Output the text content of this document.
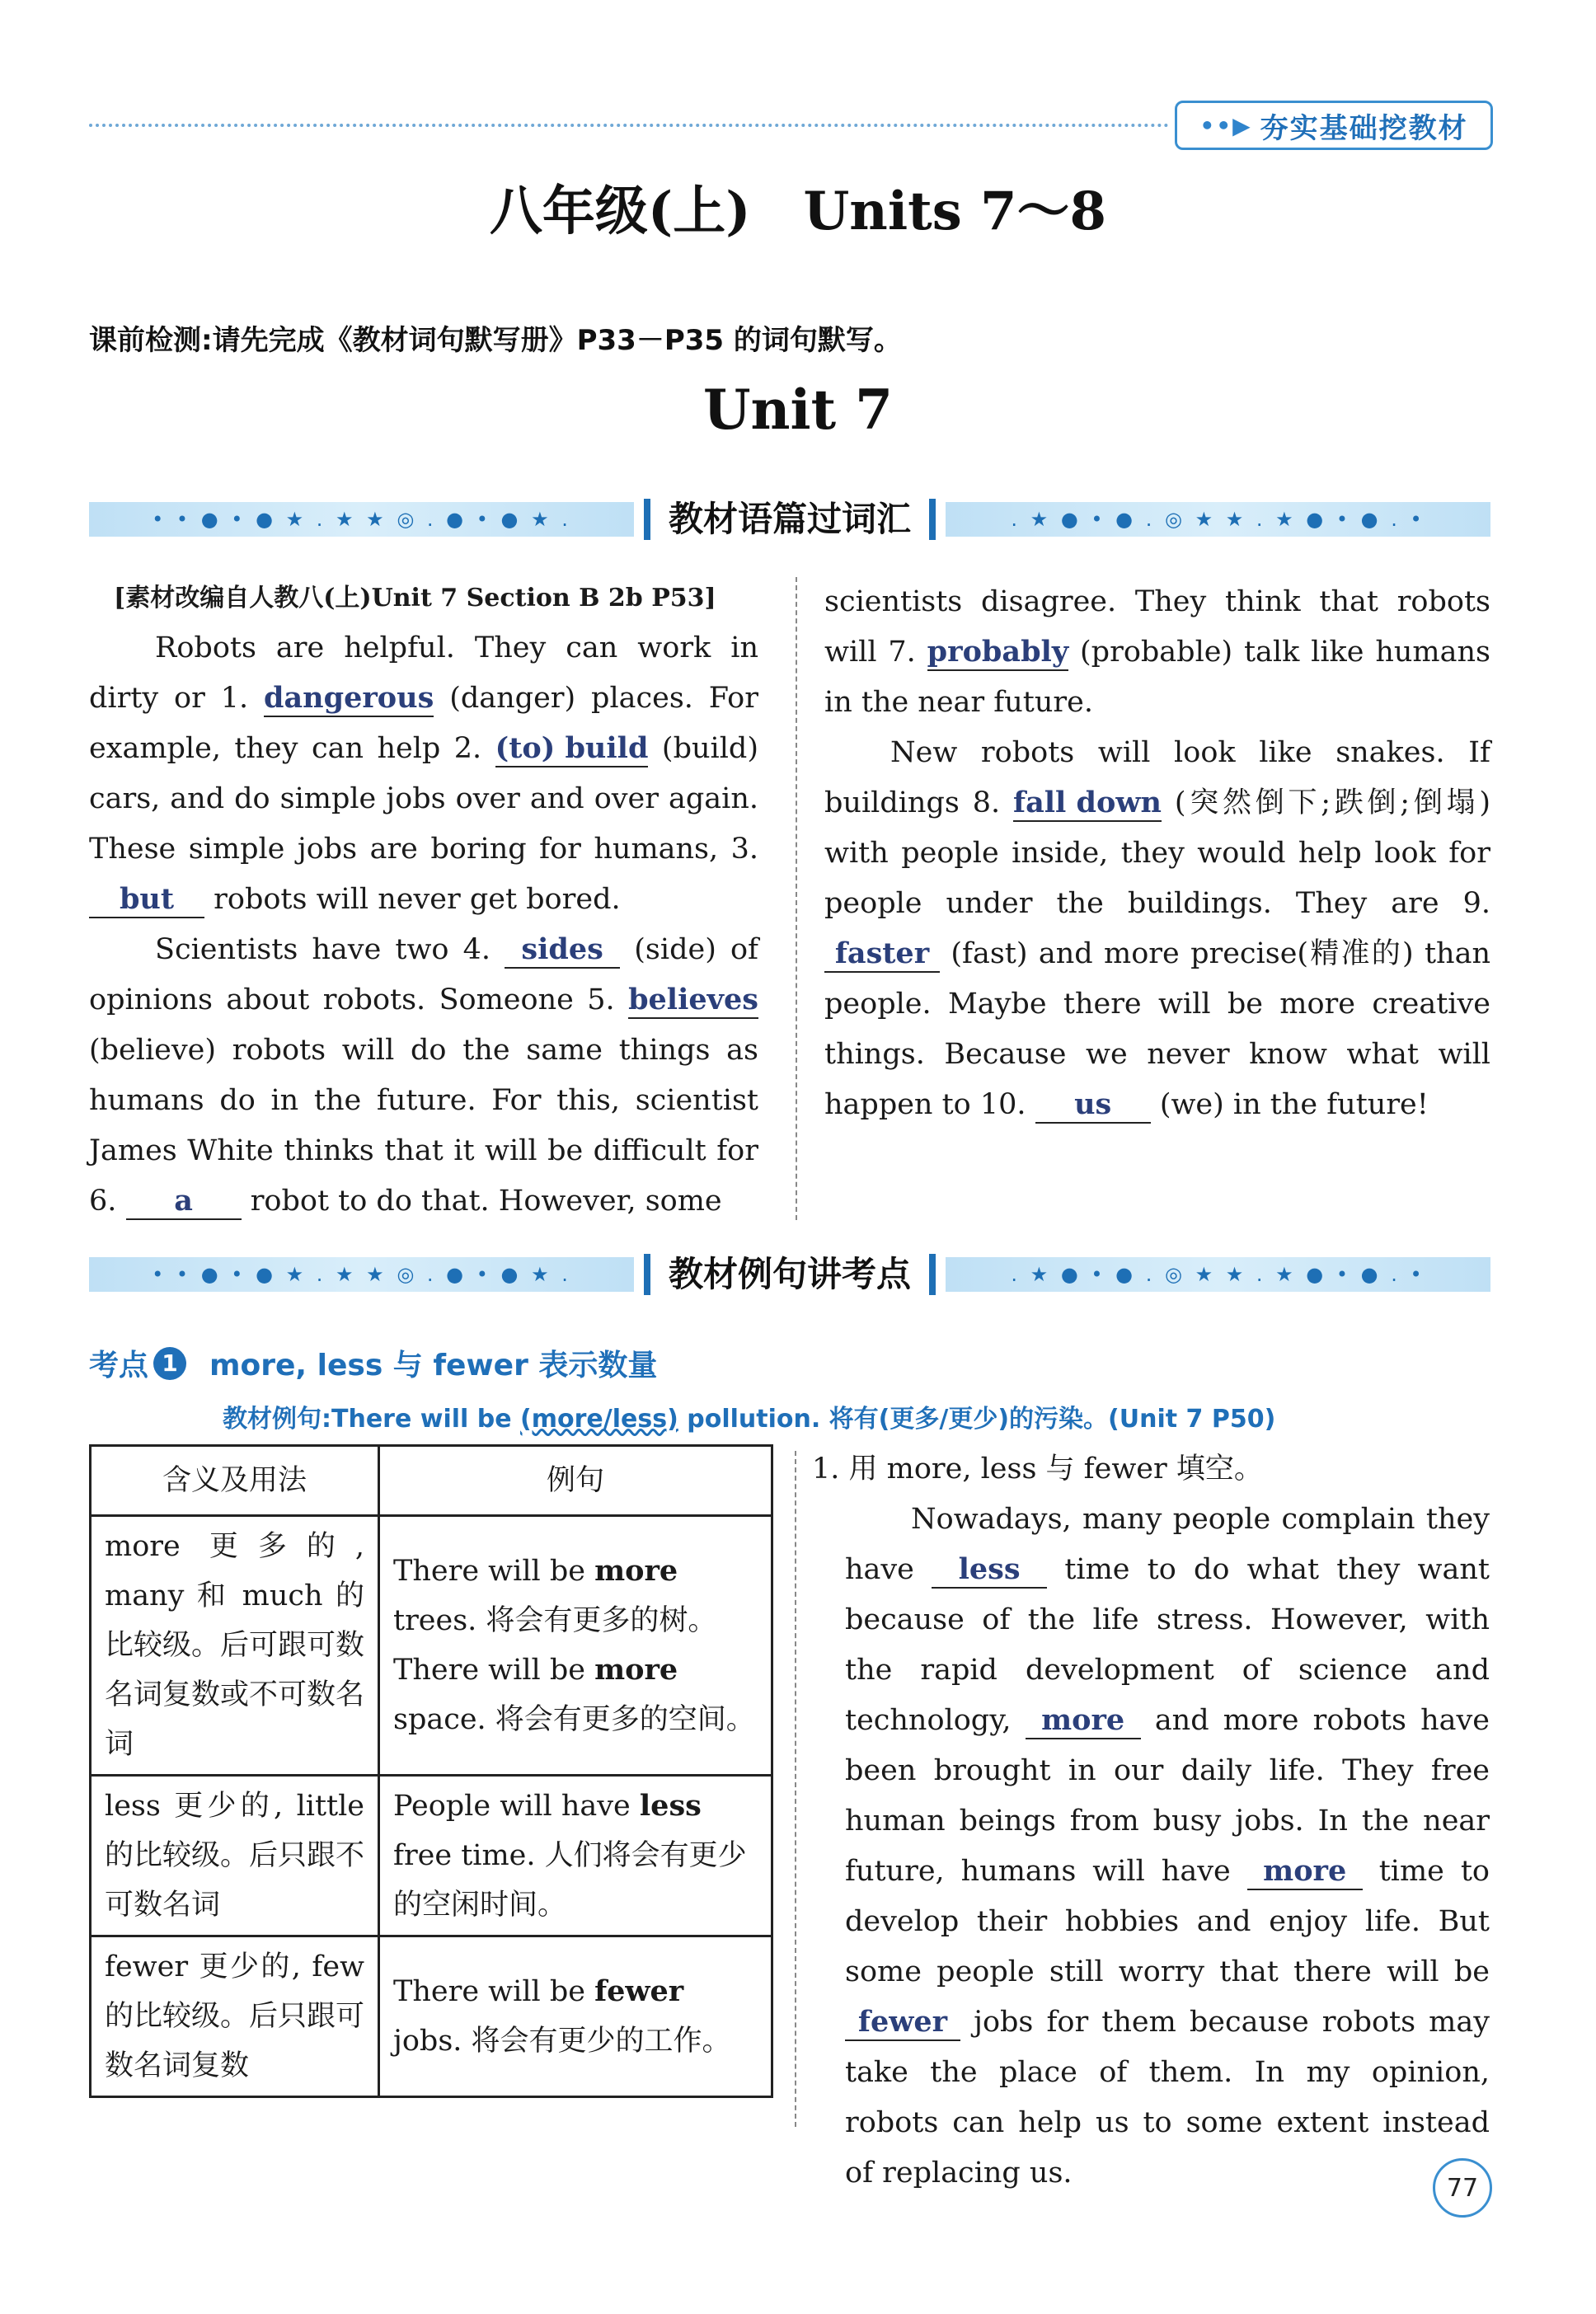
••▶ 夯实基础挖教材
八年级(上)　Units 7～8
课前检测:请先完成《教材词句默写册》P33－P35 的词句默写。
Unit 7
• • ● • ● ★ . ★ ★ ◎ . ● • ● ★ .	教材语篇过词汇	. ★ ● • ● . ◎ ★ ★ . ★ ● • ● . •

[素材改编自人教八(上)Unit 7 Section B 2b P53]

Robots are helpful. They can work in dirty or 1. dangerous (danger) places. For example, they can help 2. (to) build (build) cars, and do simple jobs over and over again. These simple jobs are boring for humans, 3. but robots will never get bored.

Scientists have two 4. sides (side) of opinions about robots. Someone 5. believes (believe) robots will do the same things as humans do in the future. For this, scientist James White thinks that it will be difficult for 6. a robot to do that. However, some

scientists disagree. They think that robots will 7. probably (probable) talk like humans in the near future.

New robots will look like snakes. If buildings 8. fall down (突然倒下;跌倒;倒塌) with people inside, they would help look for people under the buildings. They are 9. faster (fast) and more precise(精准的) than people. Maybe there will be more creative things. Because we never know what will happen to 10. us (we) in the future!

• • ● • ● ★ . ★ ★ ◎ . ● • ● ★ .	教材例句讲考点	. ★ ● • ● . ◎ ★ ★ . ★ ● • ● . •
考点 1 more, less 与 fewer 表示数量
教材例句:There will be (more/less) pollution. 将有(更多/更少)的污染。(Unit 7 P50)
含义及用法	例句
more 更多的, many 和 much 的比较级。后可跟可数名词复数或不可数名词	There will be more trees. 将会有更多的树。
There will be more space. 将会有更多的空间。
less 更少的, little 的比较级。后只跟不可数名词	People will have less free time. 人们将会有更少的空闲时间。
fewer 更少的, few 的比较级。后只跟可数名词复数	There will be fewer jobs. 将会有更少的工作。

1. 用 more, less 与 fewer 填空。

Nowadays, many people complain they have less time to do what they want because of the life stress. However, with the rapid development of science and technology, more and more robots have been brought in our daily life. They free human beings from busy jobs. In the near future, humans will have more time to develop their hobbies and enjoy life. But some people still worry that there will be fewer jobs for them because robots may take the place of them. In my opinion, robots can help us to some extent instead of replacing us.	77
